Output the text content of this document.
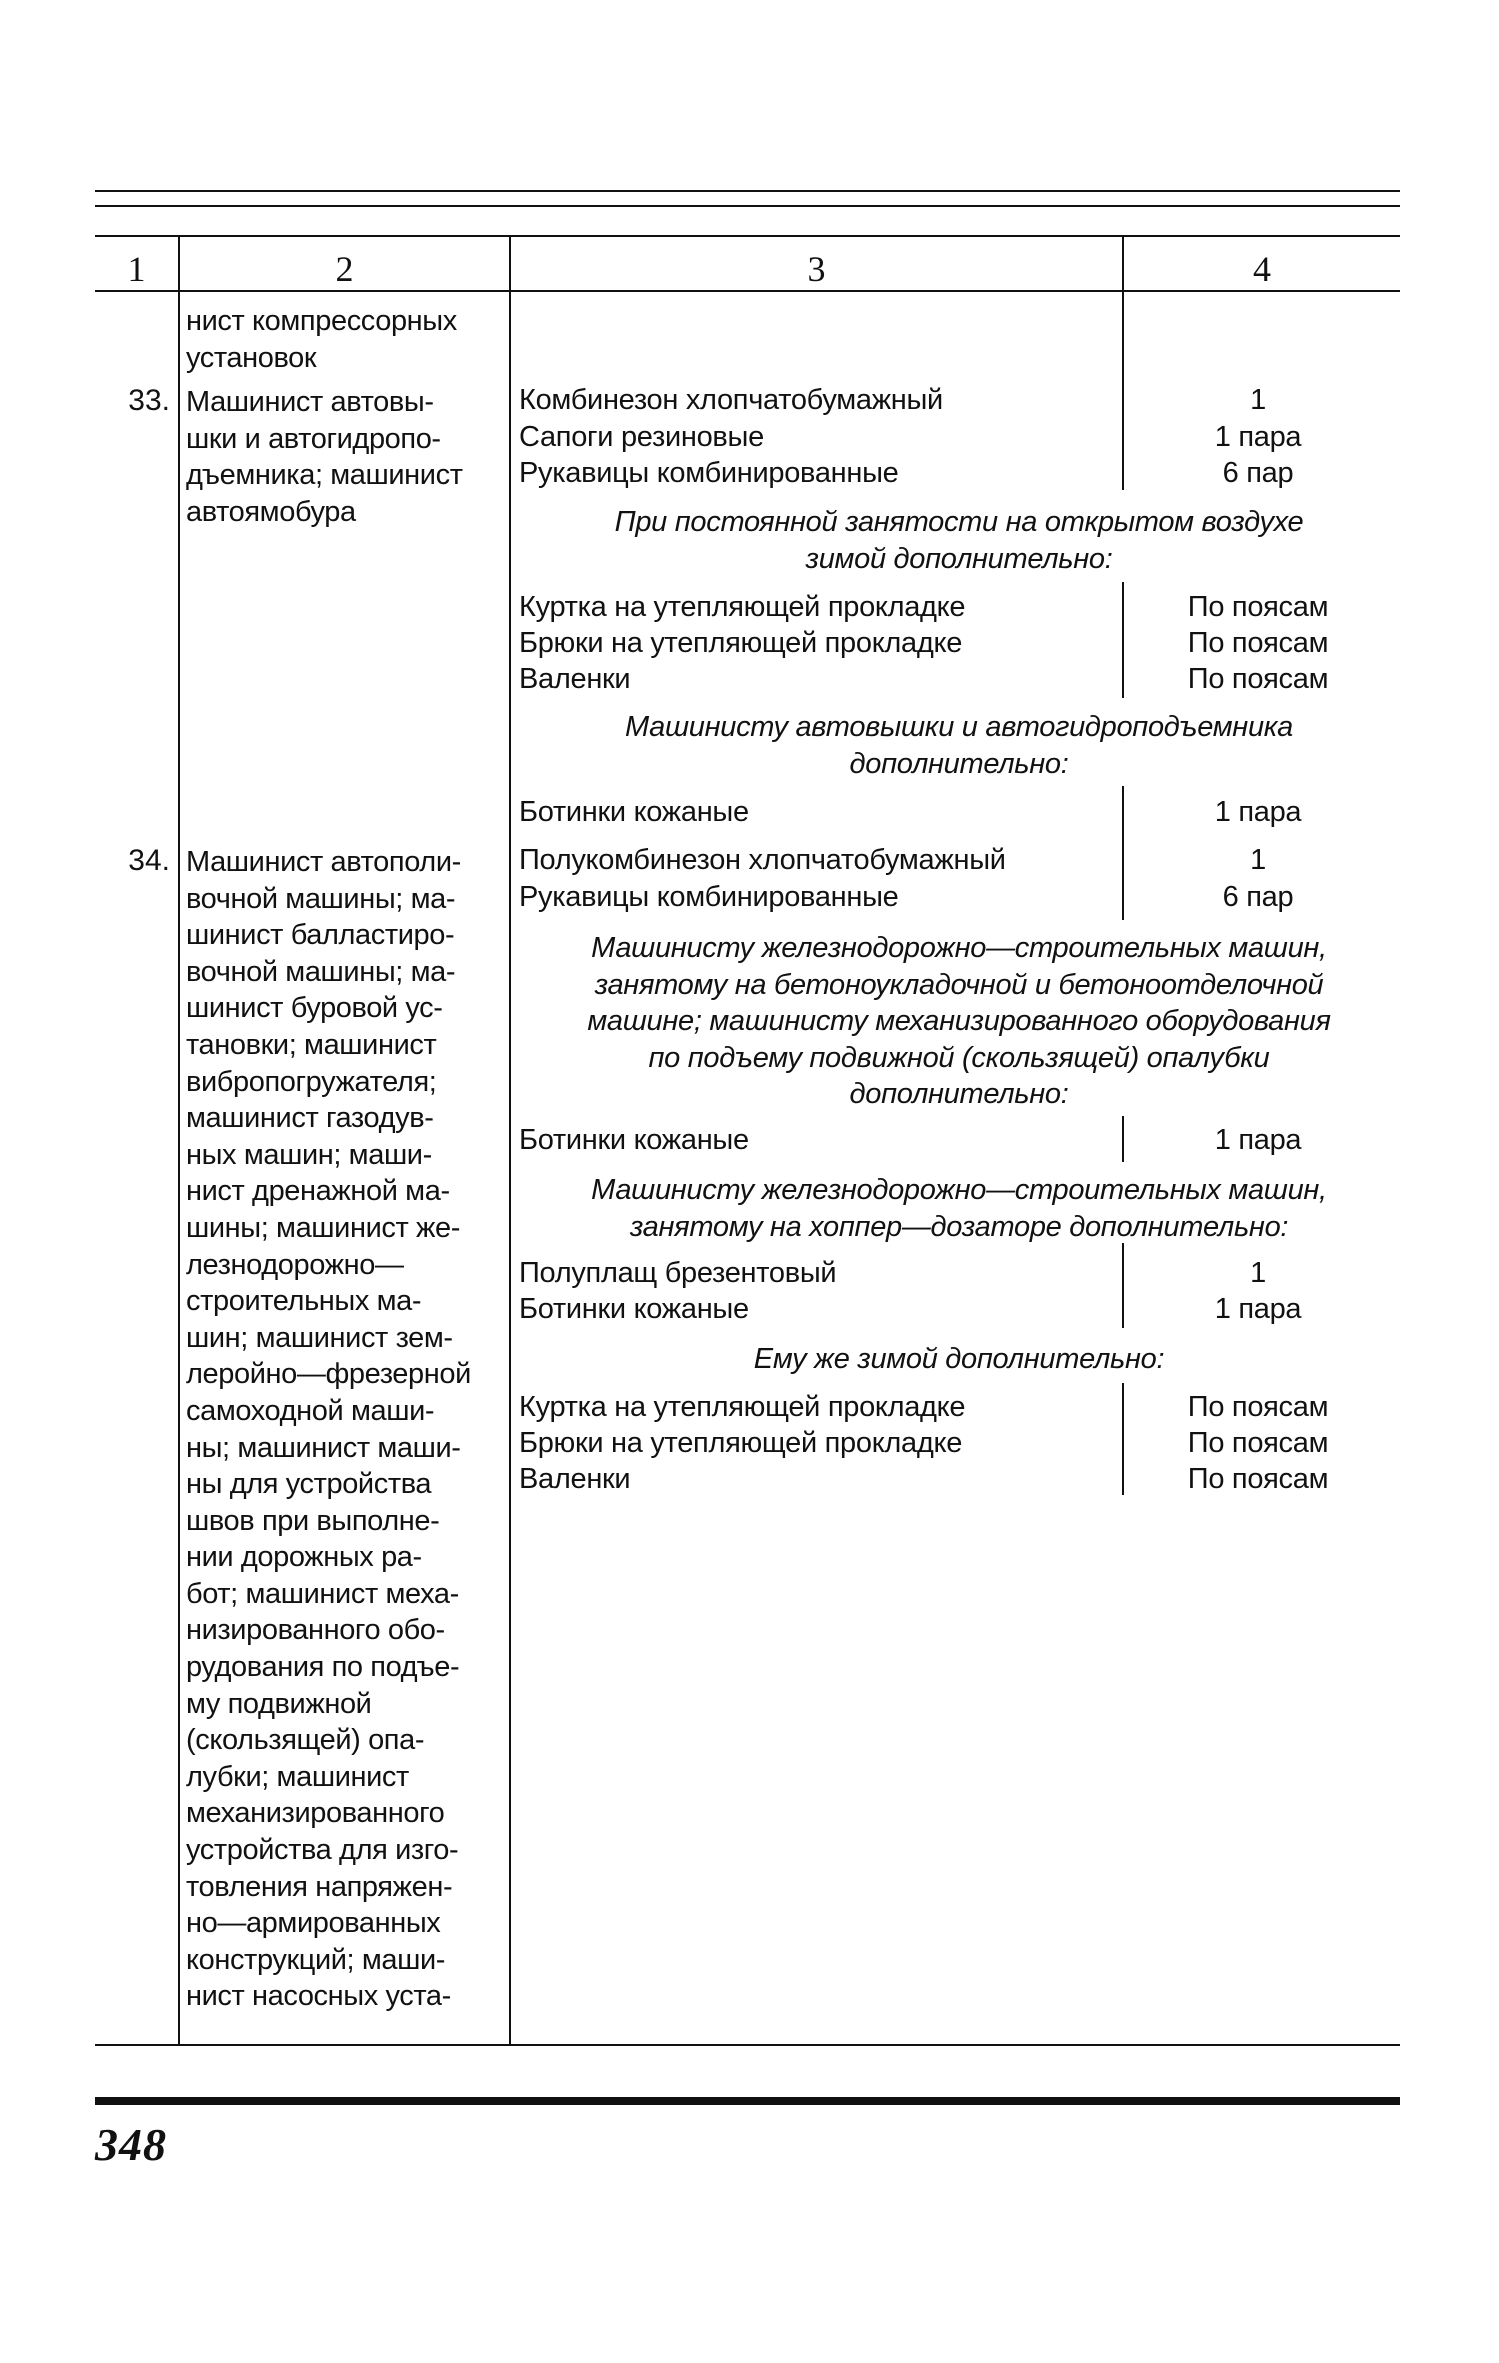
1	2	3	4
нист компрессорных
установок
33. Машинист автовы-
шки и автогидропо-
дъемника; машинист
автоямобура
Комбинезон хлопчатобумажный	1
Сапоги резиновые	1 пара
Рукавицы комбинированные	6 пар
При постоянной занятости на открытом воздухе
зимой дополнительно:
Куртка на утепляющей прокладке	По поясам
Брюки на утепляющей прокладке	По поясам
Валенки	По поясам
Машинисту автовышки и автогидроподъемника
дополнительно:
Ботинки кожаные	1 пара
34. Машинист автополи-
вочной машины; ма-
шинист балластиро-
вочной машины; ма-
шинист буровой ус-
тановки; машинист
вибропогружателя;
машинист газодув-
ных машин; маши-
нист дренажной ма-
шины; машинист же-
лезнодорожно—
строительных ма-
шин; машинист зем-
леройно—фрезерной
самоходной маши-
ны; машинист маши-
ны для устройства
швов при выполне-
нии дорожных ра-
бот; машинист меха-
низированного обо-
рудования по подъе-
му подвижной
(скользящей) опа-
лубки; машинист
механизированного
устройства для изго-
товления напряжен-
но—армированных
конструкций; маши-
нист насосных уста-
Полукомбинезон хлопчатобумажный	1
Рукавицы комбинированные	6 пар
Машинисту железнодорожно—строительных машин,
занятому на бетоноукладочной и бетоноотделочной
машине; машинисту механизированного оборудования
по подъему подвижной (скользящей) опалубки
дополнительно:
Ботинки кожаные	1 пара
Машинисту железнодорожно—строительных машин,
занятому на хоппер—дозаторе дополнительно:
Полуплащ брезентовый	1
Ботинки кожаные	1 пара
Ему же зимой дополнительно:
Куртка на утепляющей прокладке	По поясам
Брюки на утепляющей прокладке	По поясам
Валенки	По поясам
348
